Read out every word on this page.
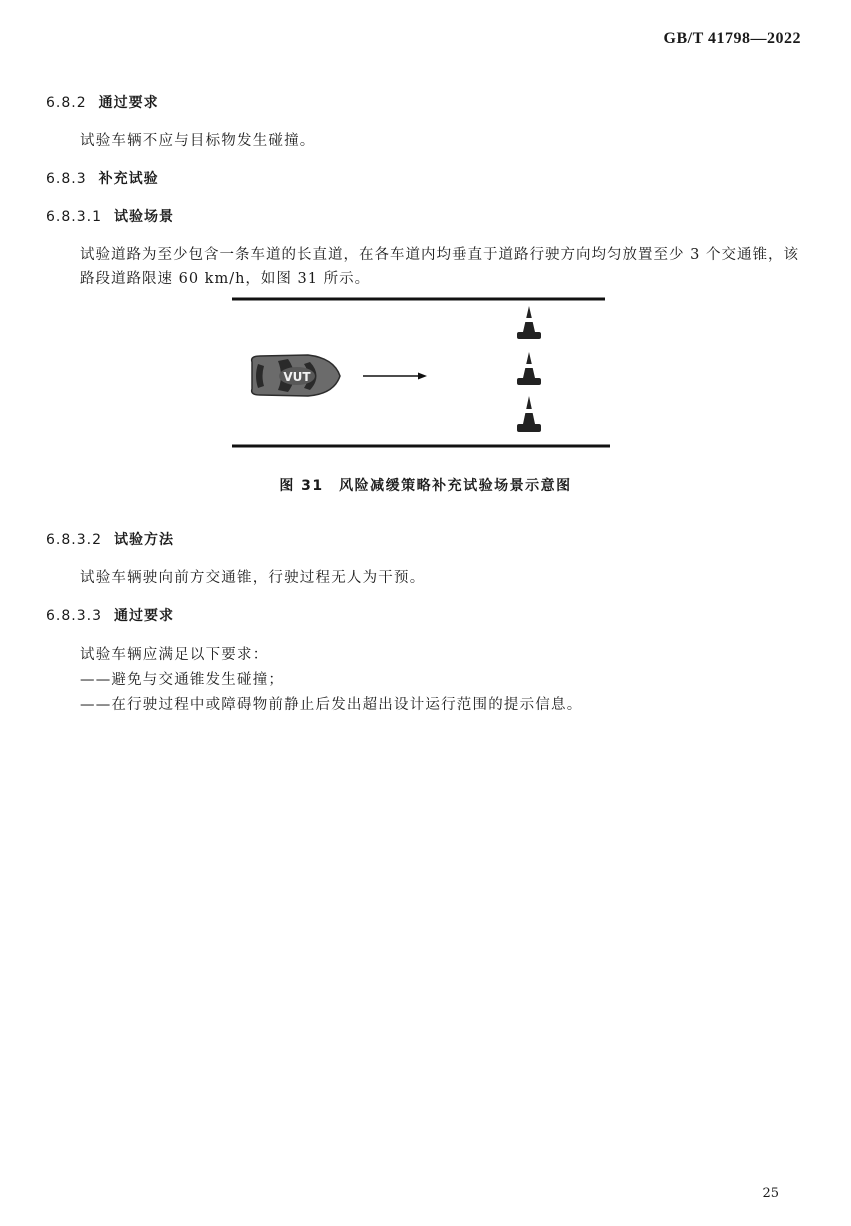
GB/T 41798—2022
6.8.2 通过要求
试验车辆不应与目标物发生碰撞。
6.8.3 补充试验
6.8.3.1 试验场景
试验道路为至少包含一条车道的长直道，在各车道内均垂直于道路行驶方向均匀放置至少 3 个交通锥，该路段道路限速 60 km/h，如图 31 所示。
VUT
图 31　风险减缓策略补充试验场景示意图
6.8.3.2 试验方法
试验车辆驶向前方交通锥，行驶过程无人为干预。
6.8.3.3 通过要求
试验车辆应满足以下要求：
——避免与交通锥发生碰撞；
——在行驶过程中或障碍物前静止后发出超出设计运行范围的提示信息。
25
